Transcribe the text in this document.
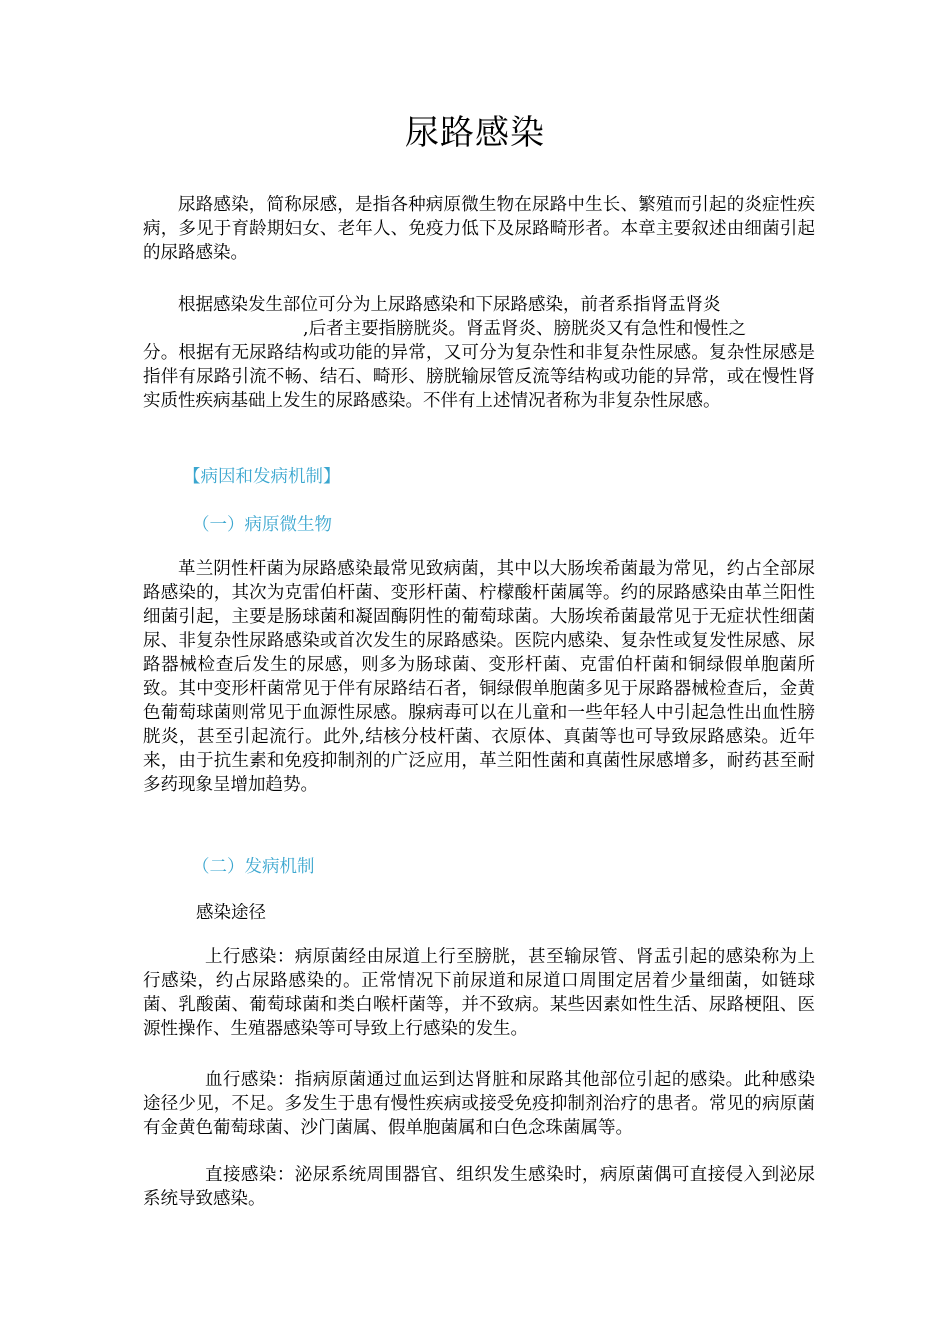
尿路感染

尿路感染，简称尿感，是指各种病原微生物在尿路中生长、繁殖而引起的炎症性疾病，多见于育龄期妇女、老年人、免疫力低下及尿路畸形者。本章主要叙述由细菌引起的尿路感染。

根据感染发生部位可分为上尿路感染和下尿路感染，前者系指肾盂肾炎
,后者主要指膀胱炎。肾盂肾炎、膀胱炎又有急性和慢性之
分。根据有无尿路结构或功能的异常，又可分为复杂性和非复杂性尿感。复杂性尿感是指伴有尿路引流不畅、结石、畸形、膀胱输尿管反流等结构或功能的异常，或在慢性肾实质性疾病基础上发生的尿路感染。不伴有上述情况者称为非复杂性尿感。

【病因和发病机制】

（一）病原微生物

革兰阴性杆菌为尿路感染最常见致病菌，其中以大肠埃希菌最为常见，约占全部尿路感染的，其次为克雷伯杆菌、变形杆菌、柠檬酸杆菌属等。约的尿路感染由革兰阳性细菌引起，主要是肠球菌和凝固酶阴性的葡萄球菌。大肠埃希菌最常见于无症状性细菌尿、非复杂性尿路感染或首次发生的尿路感染。医院内感染、复杂性或复发性尿感、尿路器械检查后发生的尿感，则多为肠球菌、变形杆菌、克雷伯杆菌和铜绿假单胞菌所致。其中变形杆菌常见于伴有尿路结石者，铜绿假单胞菌多见于尿路器械检查后，金黄色葡萄球菌则常见于血源性尿感。腺病毒可以在儿童和一些年轻人中引起急性出血性膀胱炎，甚至引起流行。此外,结核分枝杆菌、衣原体、真菌等也可导致尿路感染。近年来，由于抗生素和免疫抑制剂的广泛应用，革兰阳性菌和真菌性尿感增多，耐药甚至耐多药现象呈增加趋势。

（二）发病机制

感染途径

上行感染：病原菌经由尿道上行至膀胱，甚至输尿管、肾盂引起的感染称为上行感染，约占尿路感染的。正常情况下前尿道和尿道口周围定居着少量细菌，如链球菌、乳酸菌、葡萄球菌和类白喉杆菌等，并不致病。某些因素如性生活、尿路梗阻、医源性操作、生殖器感染等可导致上行感染的发生。

血行感染：指病原菌通过血运到达肾脏和尿路其他部位引起的感染。此种感染途径少见，不足。多发生于患有慢性疾病或接受免疫抑制剂治疗的患者。常见的病原菌有金黄色葡萄球菌、沙门菌属、假单胞菌属和白色念珠菌属等。

直接感染：泌尿系统周围器官、组织发生感染时，病原菌偶可直接侵入到泌尿系统导致感染。
